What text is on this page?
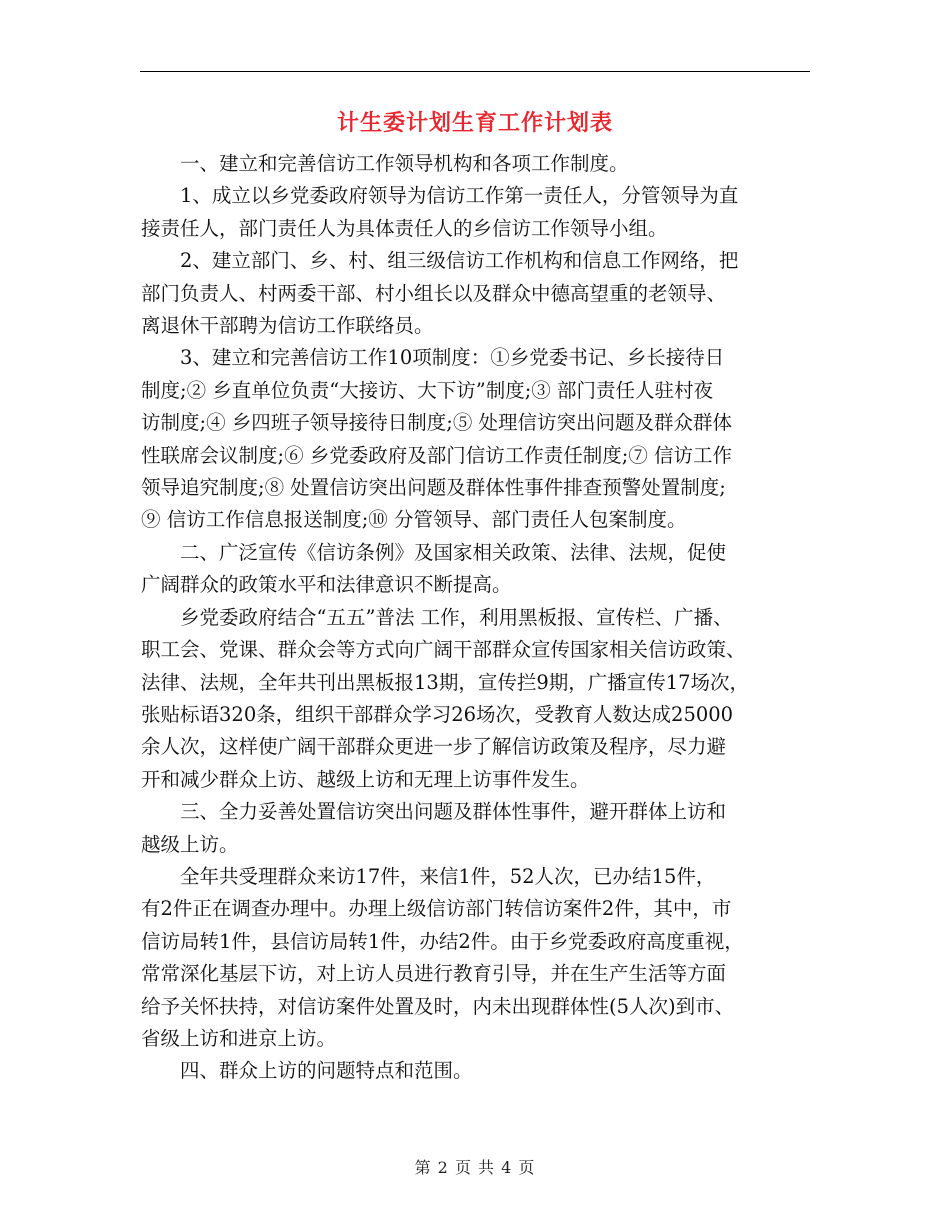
计生委计划生育工作计划表

一、建立和完善信访工作领导机构和各项工作制度。

1、成立以乡党委政府领导为信访工作第一责任人，分管领导为直
接责任人，部门责任人为具体责任人的乡信访工作领导小组。

2、建立部门、乡、村、组三级信访工作机构和信息工作网络，把
部门负责人、村两委干部、村小组长以及群众中德高望重的老领导、
离退休干部聘为信访工作联络员。

3、建立和完善信访工作10项制度：①乡党委书记、乡长接待日
制度;② 乡直单位负责“大接访、大下访”制度;③ 部门责任人驻村夜
访制度;④ 乡四班子领导接待日制度;⑤ 处理信访突出问题及群众群体
性联席会议制度;⑥ 乡党委政府及部门信访工作责任制度;⑦ 信访工作
领导追究制度;⑧ 处置信访突出问题及群体性事件排查预警处置制度;
⑨ 信访工作信息报送制度;⑩ 分管领导、部门责任人包案制度。

二、广泛宣传《信访条例》及国家相关政策、法律、法规，促使
广阔群众的政策水平和法律意识不断提高。

乡党委政府结合“五五”普法 工作，利用黑板报、宣传栏、广播、
职工会、党课、群众会等方式向广阔干部群众宣传国家相关信访政策、
法律、法规，全年共刊出黑板报13期，宣传拦9期，广播宣传17场次，
张贴标语320条，组织干部群众学习26场次，受教育人数达成25000
余人次，这样使广阔干部群众更进一步了解信访政策及程序，尽力避
开和减少群众上访、越级上访和无理上访事件发生。

三、全力妥善处置信访突出问题及群体性事件，避开群体上访和
越级上访。

全年共受理群众来访17件，来信1件，52人次，已办结15件，
有2件正在调查办理中。办理上级信访部门转信访案件2件，其中，市
信访局转1件，县信访局转1件，办结2件。由于乡党委政府高度重视，
常常深化基层下访，对上访人员进行教育引导，并在生产生活等方面
给予关怀扶持，对信访案件处置及时，内未出现群体性(5人次)到市、
省级上访和进京上访。

四、群众上访的问题特点和范围。

第 2 页 共 4 页
